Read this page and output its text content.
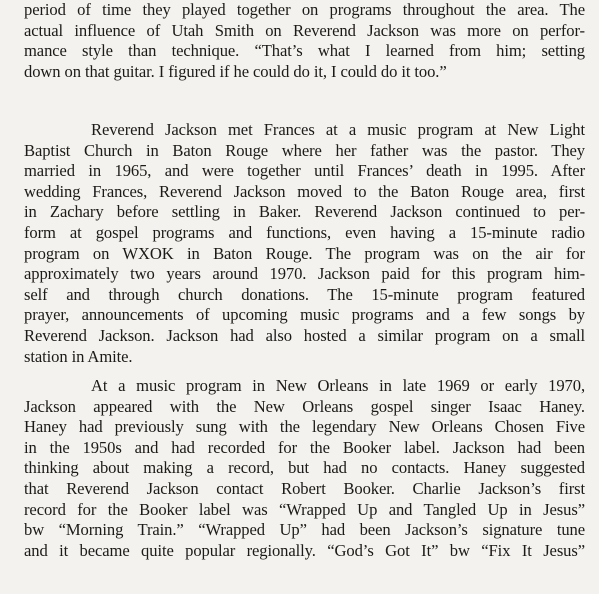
period of time they played together on programs throughout the area. The
actual influence of Utah Smith on Reverend Jackson was more on perfor-
mance style than technique. “That’s what I learned from him; setting
down on that guitar. I figured if he could do it, I could do it too.”

Reverend Jackson met Frances at a music program at New Light
Baptist Church in Baton Rouge where her father was the pastor. They
married in 1965, and were together until Frances’ death in 1995. After
wedding Frances, Reverend Jackson moved to the Baton Rouge area, first
in Zachary before settling in Baker. Reverend Jackson continued to per-
form at gospel programs and functions, even having a 15-minute radio
program on WXOK in Baton Rouge. The program was on the air for
approximately two years around 1970. Jackson paid for this program him-
self and through church donations. The 15-minute program featured
prayer, announcements of upcoming music programs and a few songs by
Reverend Jackson. Jackson had also hosted a similar program on a small
station in Amite.

At a music program in New Orleans in late 1969 or early 1970,
Jackson appeared with the New Orleans gospel singer Isaac Haney.
Haney had previously sung with the legendary New Orleans Chosen Five
in the 1950s and had recorded for the Booker label. Jackson had been
thinking about making a record, but had no contacts. Haney suggested
that Reverend Jackson contact Robert Booker. Charlie Jackson’s first
record for the Booker label was “Wrapped Up and Tangled Up in Jesus”
bw “Morning Train.” “Wrapped Up” had been Jackson’s signature tune
and it became quite popular regionally. “God’s Got It” bw “Fix It Jesus”
